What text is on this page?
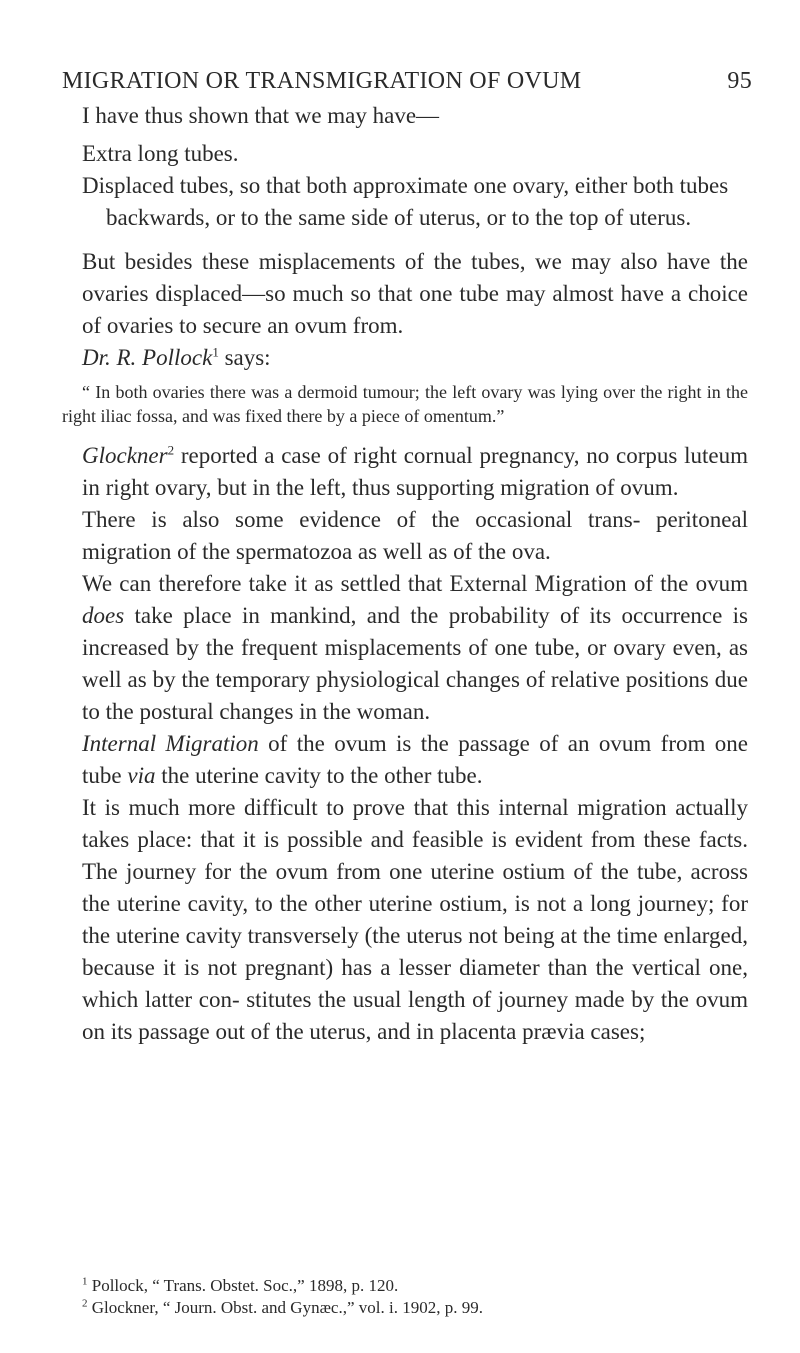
MIGRATION OR TRANSMIGRATION OF OVUM	95

I have thus shown that we may have—

Extra long tubes.

Displaced tubes, so that both approximate one ovary, either both tubes backwards, or to the same side of uterus, or to the top of uterus.

But besides these misplacements of the tubes, we may also have the ovaries displaced—so much so that one tube may almost have a choice of ovaries to secure an ovum from.

Dr. R. Pollock$^1$ says:

“ In both ovaries there was a dermoid tumour; the left ovary was lying over the right in the right iliac fossa, and was fixed there by a piece of omentum.”

Glockner$^2$ reported a case of right cornual pregnancy, no corpus luteum in right ovary, but in the left, thus supporting migration of ovum.

There is also some evidence of the occasional trans- peritoneal migration of the spermatozoa as well as of the ova.

We can therefore take it as settled that External Migration of the ovum does take place in mankind, and the probability of its occurrence is increased by the frequent misplacements of one tube, or ovary even, as well as by the temporary physiological changes of relative positions due to the postural changes in the woman.

Internal Migration of the ovum is the passage of an ovum from one tube via the uterine cavity to the other tube.

It is much more difficult to prove that this internal migration actually takes place: that it is possible and feasible is evident from these facts. The journey for the ovum from one uterine ostium of the tube, across the uterine cavity, to the other uterine ostium, is not a long journey; for the uterine cavity transversely (the uterus not being at the time enlarged, because it is not pregnant) has a lesser diameter than the vertical one, which latter con- stitutes the usual length of journey made by the ovum on its passage out of the uterus, and in placenta prævia cases;

$^1$ Pollock, “ Trans. Obstet. Soc.,” 1898, p. 120.

$^2$ Glockner, “ Journ. Obst. and Gynæc.,” vol. i. 1902, p. 99.
